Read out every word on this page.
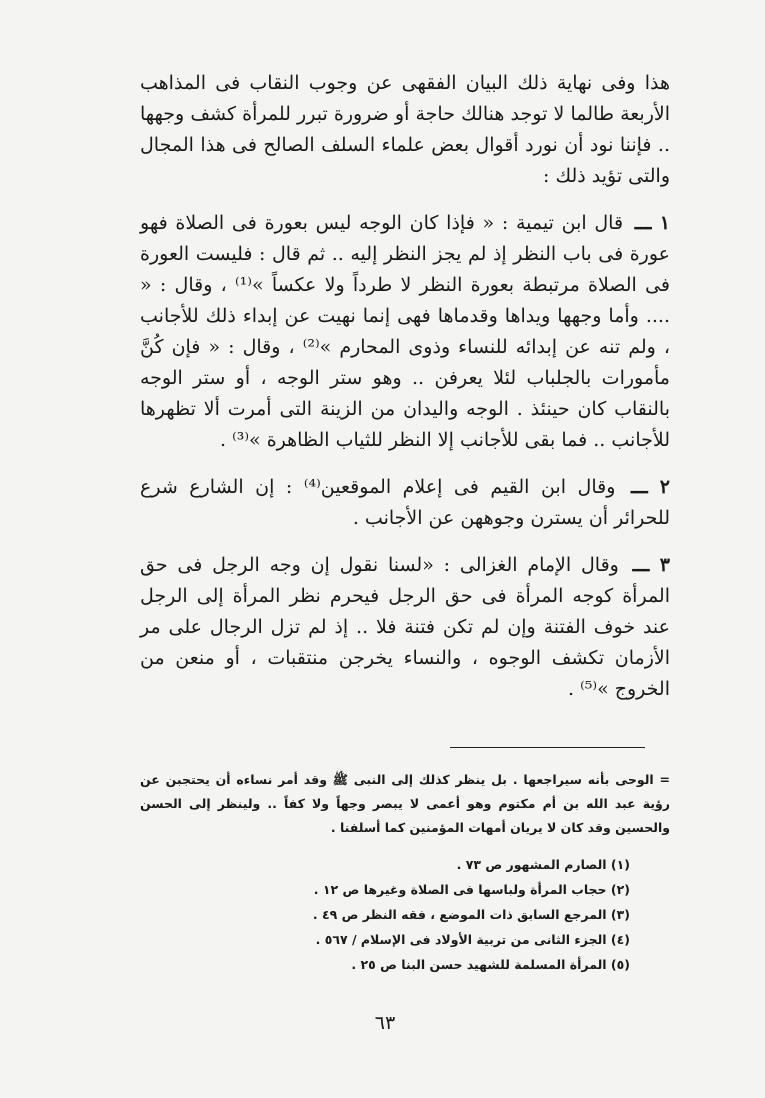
هذا وفى نهاية ذلك البيان الفقهى عن وجوب النقاب فى المذاهب الأربعة طالما لا توجد هنالك حاجة أو ضرورة تبرر للمرأة كشف وجهها .. فإننا نود أن نورد أقوال بعض علماء السلف الصالح فى هذا المجال والتى تؤيد ذلك :

١ ـــ قال ابن تيمية : « فإذا كان الوجه ليس بعورة فى الصلاة فهو عورة فى باب النظر إذ لم يجز النظر إليه .. ثم قال : فليست العورة فى الصلاة مرتبطة بعورة النظر لا طرداً ولا عكساً »⁽¹⁾ ، وقال : « .... وأما وجهها ويداها وقدماها فهى إنما نهيت عن إبداء ذلك للأجانب ، ولم تنه عن إبدائه للنساء وذوى المحارم »⁽²⁾ ، وقال : « فإن كُنَّ مأمورات بالجلباب لئلا يعرفن .. وهو ستر الوجه ، أو ستر الوجه بالنقاب كان حينئذ . الوجه واليدان من الزينة التى أمرت ألا تظهرها للأجانب .. فما بقى للأجانب إلا النظر للثياب الظاهرة »⁽³⁾ .

٢ ـــ وقال ابن القيم فى إعلام الموقعين⁽⁴⁾ : إن الشارع شرع للحرائر أن يسترن وجوههن عن الأجانب .

٣ ـــ وقال الإمام الغزالى : «لسنا نقول إن وجه الرجل فى حق المرأة كوجه المرأة فى حق الرجل فيحرم نظر المرأة إلى الرجل عند خوف الفتنة وإن لم تكن فتنة فلا .. إذ لم تزل الرجال على مر الأزمان تكشف الوجوه ، والنساء يخرجن منتقبات ، أو منعن من الخروج »⁽⁵⁾ .

= الوحى بأنه سيراجعها . بل ينظر كذلك إلى النبى ﷺ وقد أمر نساءه أن يحتجبن عن رؤية عبد الله بن أم مكتوم وهو أعمى لا يبصر وجهاً ولا كفاً .. ولينظر إلى الحسن والحسين وقد كان لا يريان أمهات المؤمنين كما أسلفنا .

(١) الصارم المشهور ص ٧٣ .
(٢) حجاب المرأة ولباسها فى الصلاة وغيرها ص ١٢ .
(٣) المرجع السابق ذات الموضع ، فقه النظر ص ٤٩ .
(٤) الجزء الثانى من تربية الأولاد فى الإسلام / ٥٦٧ .
(٥) المرأة المسلمة للشهيد حسن البنا ص ٢٥ .
٦٣
